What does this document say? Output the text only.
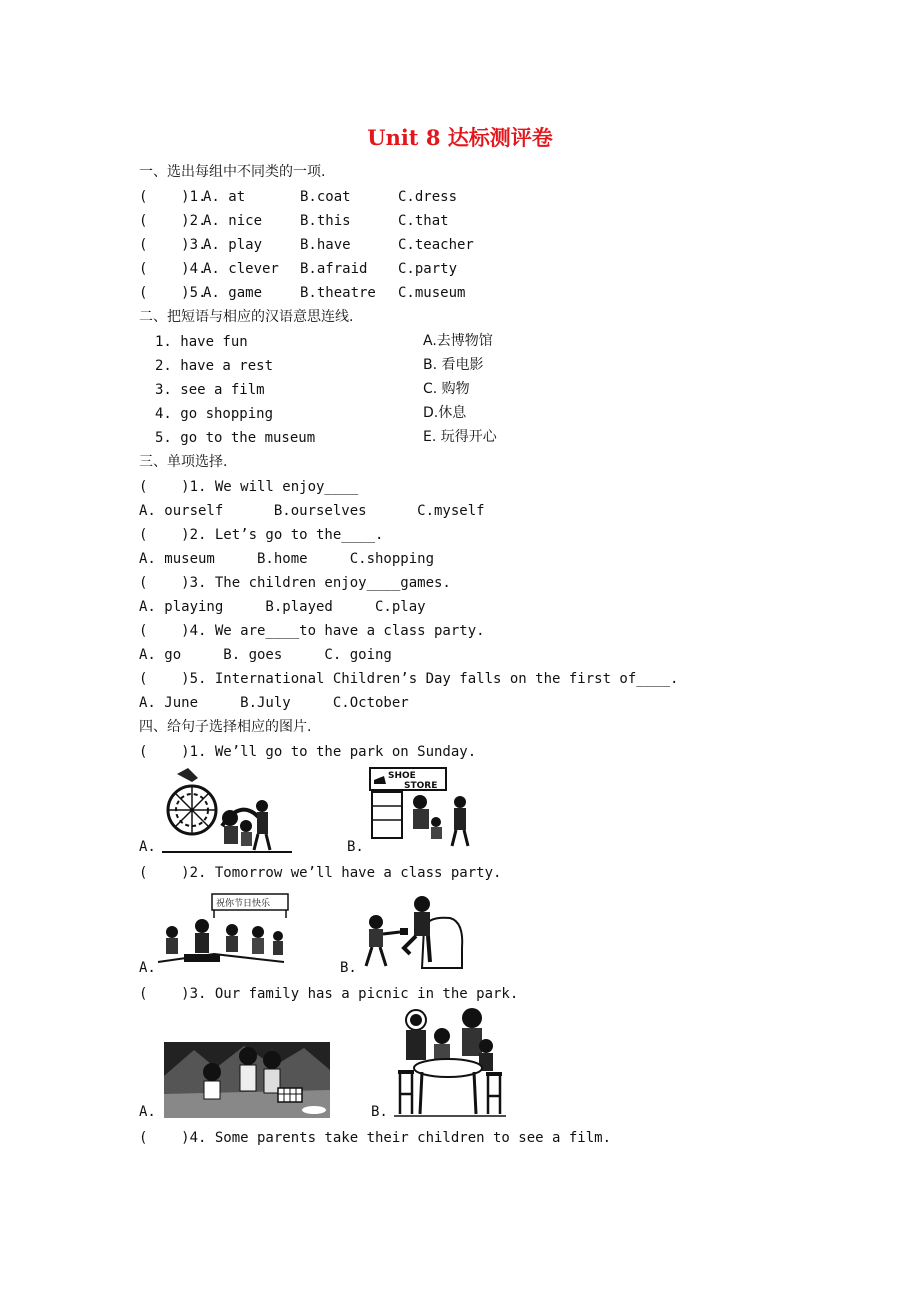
Unit 8 达标测评卷
一、选出每组中不同类的一项.

(    )1.

A. at

	B.coat

	C.dress

(    )2.

A. nice

	B.this

	C.that

(    )3.

A. play

	B.have

	C.teacher

(    )4.

A. clever

B.afraid

C.party

(    )5.

A. game

	B.theatre

C.museum

二、把短语与相应的汉语意思连线.
1. have fun	A.去博物馆
2. have a rest	B. 看电影
3. see a film	C. 购物
4. go shopping	D.休息
5. go to the museum	E. 玩得开心
三、单项选择.
(    )1. We will enjoy____
A. ourself      B.ourselves      C.myself
(    )2. Let’s go to the____.
A. museum     B.home     C.shopping
(    )3. The children enjoy____games.
A. playing     B.played     C.play
(    )4. We are____to have a class party.
A. go     B. goes     C. going
(    )5. International Children’s Day falls on the first of____.
A. June     B.July     C.October
四、给句子选择相应的图片.
(    )1. We’ll go to the park on Sunday.
A.
SHOE
STORE
B.
(    )2. Tomorrow we’ll have a class party.
祝你节日快乐
A.	B.
(    )3. Our family has a picnic in the park.
A.	B.
(    )4. Some parents take their children to see a film.
